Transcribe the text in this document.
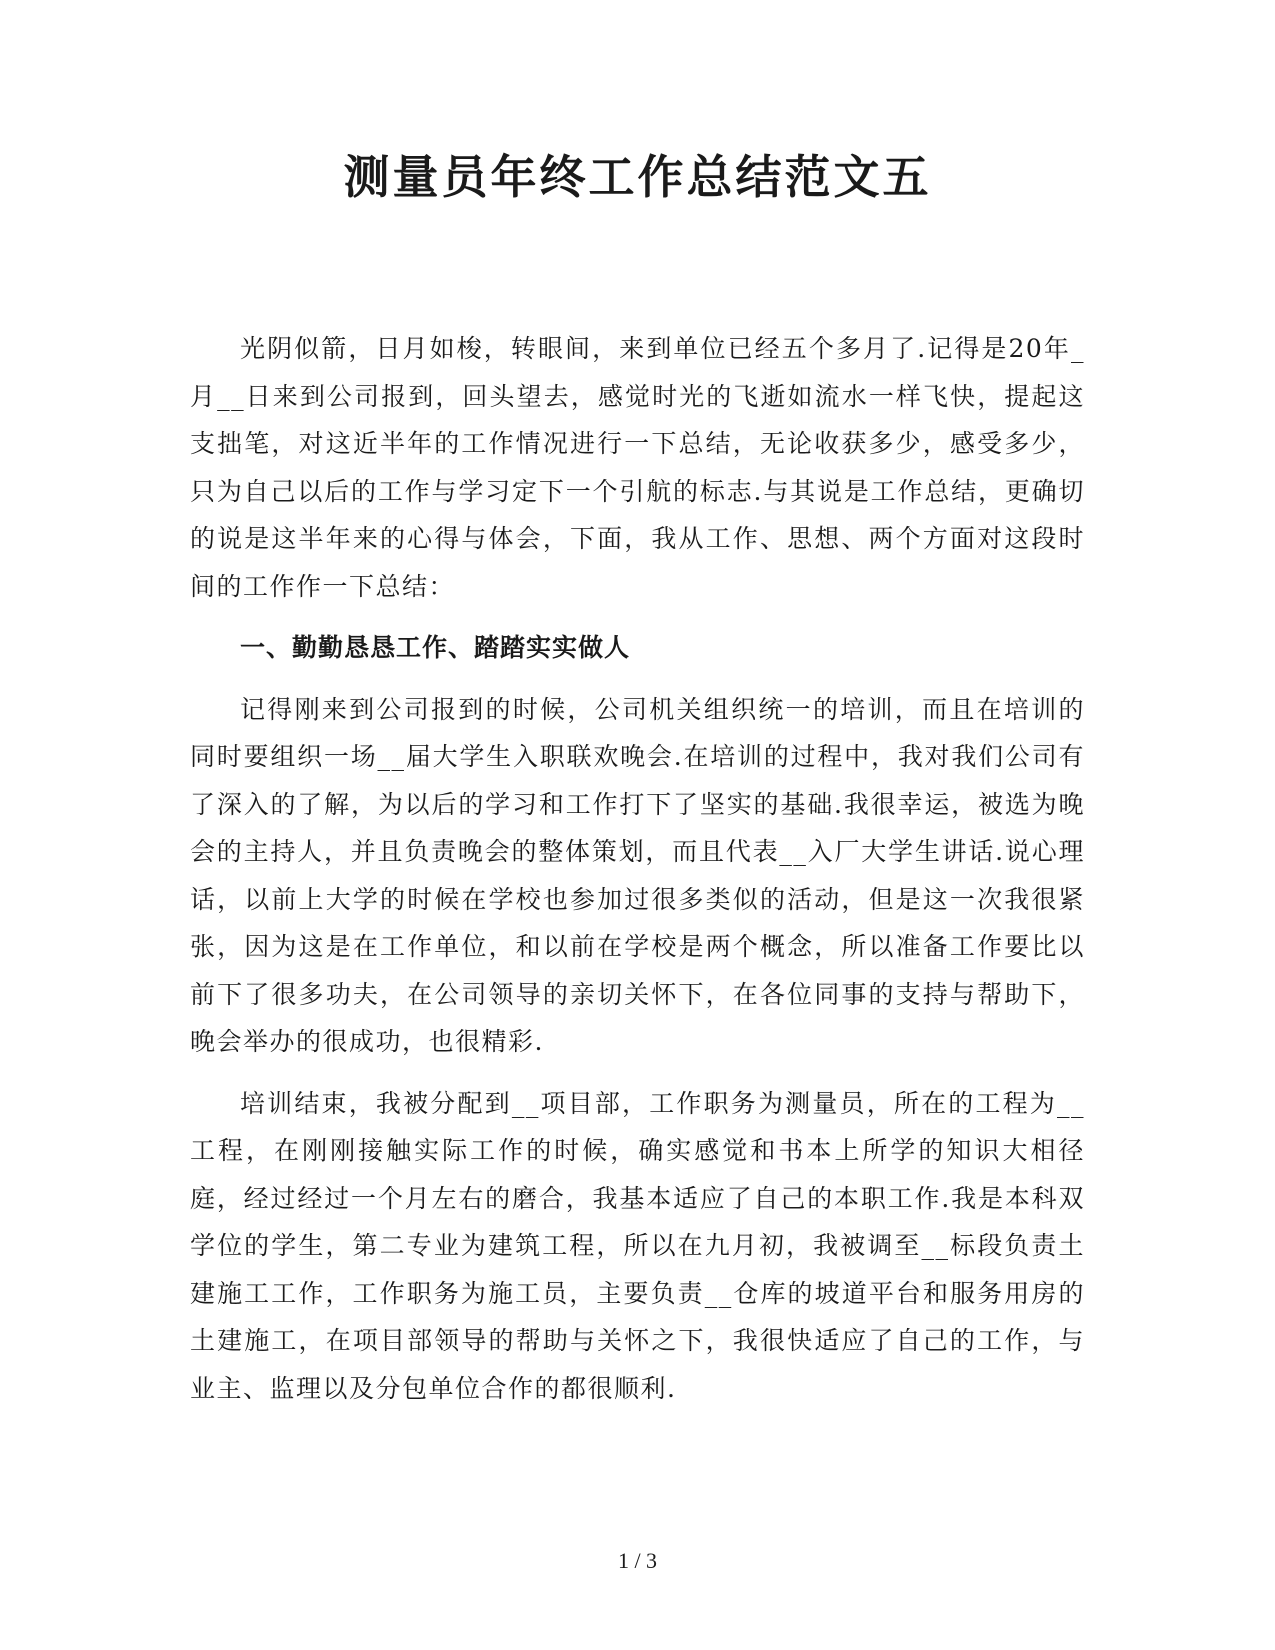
测量员年终工作总结范文五

光阴似箭，日月如梭，转眼间，来到单位已经五个多月了.记得是20年_月__日来到公司报到，回头望去，感觉时光的飞逝如流水一样飞快，提起这支拙笔，对这近半年的工作情况进行一下总结，无论收获多少，感受多少，只为自己以后的工作与学习定下一个引航的标志.与其说是工作总结，更确切的说是这半年来的心得与体会，下面，我从工作、思想、两个方面对这段时间的工作作一下总结：

一、勤勤恳恳工作、踏踏实实做人

记得刚来到公司报到的时候，公司机关组织统一的培训，而且在培训的同时要组织一场__届大学生入职联欢晚会.在培训的过程中，我对我们公司有了深入的了解，为以后的学习和工作打下了坚实的基础.我很幸运，被选为晚会的主持人，并且负责晚会的整体策划，而且代表__入厂大学生讲话.说心理话，以前上大学的时候在学校也参加过很多类似的活动，但是这一次我很紧张，因为这是在工作单位，和以前在学校是两个概念，所以准备工作要比以前下了很多功夫，在公司领导的亲切关怀下，在各位同事的支持与帮助下，晚会举办的很成功，也很精彩.

培训结束，我被分配到__项目部，工作职务为测量员，所在的工程为__工程，在刚刚接触实际工作的时候，确实感觉和书本上所学的知识大相径庭，经过经过一个月左右的磨合，我基本适应了自己的本职工作.我是本科双学位的学生，第二专业为建筑工程，所以在九月初，我被调至__标段负责土建施工工作，工作职务为施工员，主要负责__仓库的坡道平台和服务用房的土建施工，在项目部领导的帮助与关怀之下，我很快适应了自己的工作，与业主、监理以及分包单位合作的都很顺利.

1 / 3
